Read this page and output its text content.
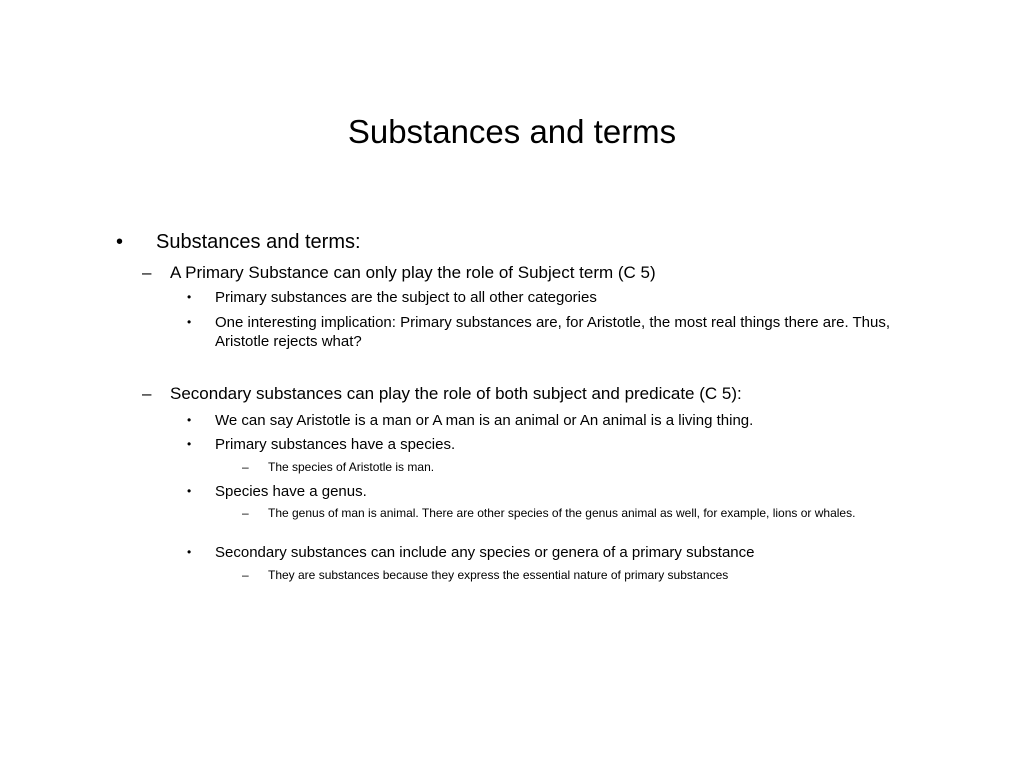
Substances and terms
•	Substances and terms:
–	A Primary Substance can only play the role of Subject term (C 5)
•	Primary substances are the subject to all other categories
•	One interesting implication: Primary substances are, for Aristotle, the most real things there are. Thus, Aristotle rejects what?
–	Secondary substances can play the role of both subject and predicate (C 5):
•	We can say Aristotle is a man or A man is an animal or An animal is a living thing.
•	Primary substances have a species.
–	The species of Aristotle is man.
•	Species have a genus.
–	The genus of man is animal. There are other species of the genus animal as well, for example, lions or whales.
•	Secondary substances can include any species or genera of a primary substance
–	They are substances because they express the essential nature of primary substances
